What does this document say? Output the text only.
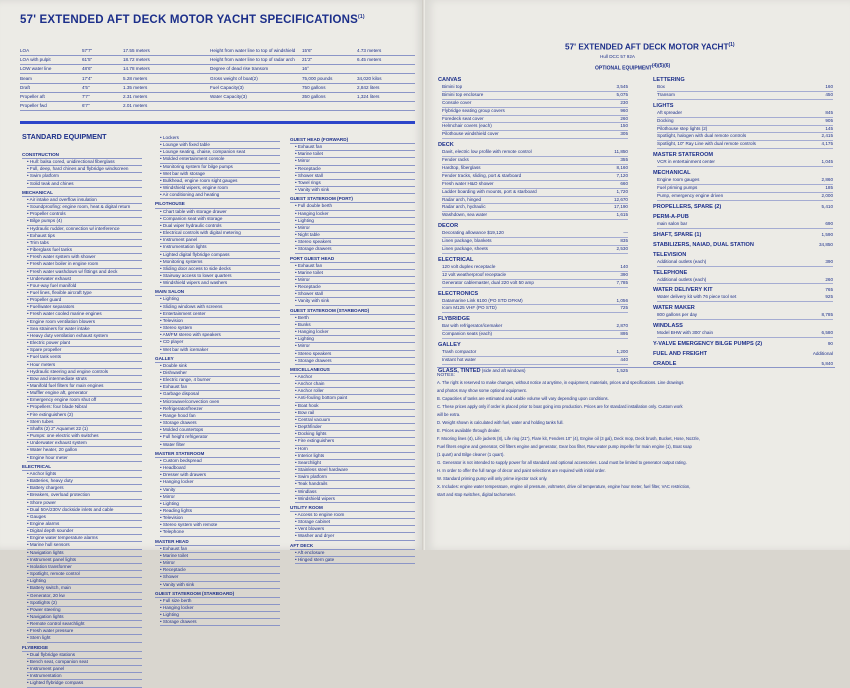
57' EXTENDED AFT DECK MOTOR YACHT SPECIFICATIONS$^{(1)}$
LOA	57'7"	17.55 meters	Height from water line to top of windshield 15'6"	4.73 meters
LOA with pulpit	61'5"	18.72 meters	Height from water line to top of radar arch 21'2"	6.45 meters
LOW water line	48'6"	14.78 meters	Degree of dead rise transom	16°
Beam	17'4"	5.28 meters	Gross weight of boat(2)	75,000 pounds	34,020 kilos
Draft	4'5"	1.35 meters	Fuel Capacity(3)	750 gallons	2,842 liters
Propeller aft	7'7"	2.31 meters	Water Capacity(3)	350 gallons	1,324 liters
Propeller fwd	6'7"	2.01 meters
STANDARD EQUIPMENT
CONSTRUCTION
• Hull: balsa cored, unidirectional fiberglass
• Full, deep, hard chines and flybridge windscreen
• Swim platform
• Solid teak and chines
MECHANICAL
• Air intake and overflow insulation
• Soundproofing: engine room, heat & digital return
• Propeller controls
• Bilge pumps (4)
• Hydraulic rudder, connection w/ interference
• Exhaust tips
• Trim tabs
• Fiberglass fuel tanks
• Fresh water system with shower
• Fresh water boiler in engine room
• Fresh water washdown w/ fittings and deck
• Underwater exhaust
• Four-way fuel manifold
• Fuel lines, flexible aircraft type
• Propeller guard
• Fuel/water separators
• Fresh water cooled marine engines
• Engine room ventilation blowers
• Sea strainers for water intake
• Heavy duty ventilation exhaust system
• Electric power plant
• Spare propeller
• Fuel tank vents
• Hour meters
• Hydraulic steering and engine controls
• Bow and intermediate struts
• Manifold fuel filters for main engines
• Muffler engine aft, generator
• Emergency engine room shut off
• Propellers: four blade Nibral
• Fire extinguishers (2)
• Stern tubes
• Shafts (2) 2" Aquamet 22 (1)
• Pumps: one electric with switches
• Underwater exhaust system
• Water heater, 20 gallon
• Engine hour meter
ELECTRICAL
• Anchor lights
• Batteries, heavy duty
• Battery chargers
• Breakers, overload protection
• Shore power
• Dual 50A/230V dockside inlets and cable
• Gauges
• Engine alarms
• Digital depth sounder
• Engine water temperature alarms
• Marine hull sensors
• Navigation lights
• Instrument panel lights
• Isolation transformer
• Spotlight, remote control
• Lighting
• Battery switch, main
• Generator, 20 kw
• Spotlights (2)
• Power steering
• Navigation lights
• Remote control searchlight
• Fresh water pressure
• Stern light
FLYBRIDGE
• Dual flybridge stations
• Bench seat, companion seat
• Instrument panel
• Instrumentation
• Lighted flybridge compass
• Lockers
• Lounge with fixed table
• Lounge seating, chaise, companion seat
• Molded entertainment console
• Monitoring system for bilge pumps
• Wet bar with storage
• Bulkhead, engine room sight gauges
• Windshield wipers, engine room
• Air conditioning and heating
PILOTHOUSE
• Chart table with storage drawer
• Companion seat with storage
• Dual wiper hydraulic controls
• Electrical controls with digital metering
• Instrument panel
• Instrumentation lights
• Lighted digital flybridge compass
• Monitoring systems
• Sliding door access to side decks
• Stairway access to lower quarters
• Windshield wipers and washers
MAIN SALON
• Lighting
• Sliding windows with screens
• Entertainment center
• Television
• Stereo system
• AM/FM stereo with speakers
• CD player
• Wet bar with icemaker
GALLEY
• Double sink
• Dishwasher
• Electric range, 4 burner
• Exhaust fan
• Garbage disposal
• Microwave/convection oven
• Refrigerator/freezer
• Range hood fan
• Storage drawers
• Molded countertops
• Full height refrigerator
• Water filter
MASTER STATEROOM
• Custom bedspread
• Headboard
• Dresser with drawers
• Hanging locker
• Vanity
• Mirror
• Lighting
• Reading lights
• Television
• Stereo system with remote
• Telephone
MASTER HEAD
• Exhaust fan
• Marine toilet
• Mirror
• Receptacle
• Shower
• Vanity with sink
GUEST STATEROOM (STARBOARD)
• Full size berth
• Hanging locker
• Lighting
• Storage drawers
GUEST HEAD (FORWARD)
• Exhaust fan
• Marine toilet
• Mirror
• Receptacle
• Shower stall
• Towel rings
• Vanity with sink
GUEST STATEROOM (PORT)
• Full double berth
• Hanging locker
• Lighting
• Mirror
• Night table
• Stereo speakers
• Storage drawers
PORT GUEST HEAD
• Exhaust fan
• Marine toilet
• Mirror
• Receptacle
• Shower stall
• Vanity with sink
GUEST STATEROOM (STARBOARD)
• Berth
• Bunks
• Hanging locker
• Lighting
• Mirror
• Stereo speakers
• Storage drawers
MISCELLANEOUS
• Anchor
• Anchor chain
• Anchor roller
• Anti-fouling bottom paint
• Boat hook
• Bow rail
• Central vacuum
• Depthfinder
• Docking lights
• Fire extinguishers
• Horn
• Interior lights
• Searchlight
• Stainless steel hardware
• Swim platform
• Teak handrails
• Windlass
• Windshield wipers
UTILITY ROOM
• Access to engine room
• Storage cabinet
• Vent blowers
• Washer and dryer
AFT DECK
• Aft enclosure
• Hinged stern gate
57' EXTENDED AFT DECK MOTOR YACHT$^{(1)}$
Hull DCC 57 92A
OPTIONAL EQUIPMENT(4)(5)(6)
CANVAS
Bimini top	3,545
Bimini top enclosure	5,075
Console cover	230
Flybridge seating group covers	960
Foredeck seat cover	260
Helmchair covers (each)	150
Pilothouse windshield cover	305
DECK
Davit, electric low profile with remote control	11,850
Fender racks	355
Hardtop, fiberglass	8,160
Fender tracks, sliding, port & starboard	7,120
Fresh water H&O shower	660
Ladder boarding with mounts, port & starboard	1,720
Radar arch, hinged	12,670
Radar arch, hydraulic	17,190
Washdown, sea water	1,615
DECOR
Decorating allowance $19,120	—
Linen package, blankets	835
Linen package, sheets	2,530
ELECTRICAL
120 volt duplex receptacle	140
12 volt weatherproof receptacle	390
Generator cablemaster, dual 220 volt 50 amp	7,785
ELECTRONICS
Datamarine Link 6100 (PO STD DFKM)	1,056
Icom M125 VHF (PO STD)	725
FLYBRIDGE
Bar with refrigerator/icemaker	2,870
Companion seats (each)	895
GALLEY
Trash compactor	1,200
Instant hot water	440
GLASS, TINTED (side and aft windows)	1,525
LETTERING
Box	160
Transom	450
LIGHTS
Aft spreader	845
Docking	905
Pilothouse step lights (2)	145
Spotlight, halogen with dual remote controls	2,415
Spotlight, 10" Ray Line with dual remote controls	4,175
MASTER STATEROOM
VCR in entertainment center	1,045
MECHANICAL
Engine room gauges	2,860
Fuel priming pumps	185
Pump, emergency engine driven	2,000
PROPELLERS, SPARE (2)	5,410
PERM-A-PUB
main salon bar	690
SHAFT, SPARE (1)	1,590
STABILIZERS, NAIAD, DUAL STATION	34,850
TELEVISION
Additional outlets (each)	390
TELEPHONE
Additional outlets (each)	260
WATER DELIVERY KIT	765
Water delivery kit with 76 piece tool set	925
WATER MAKER
800 gallons per day	8,785
WINDLASS
Model BHW with 300' chain	6,580
Y-VALVE EMERGENCY BILGE PUMPS (2)	90
FUEL AND FREIGHT	Additional
CRADLE	5,840
NOTES:
A. The right is reserved to make changes, without notice at anytime, in equipment, materials, prices and specifications. Line drawings
and photos may show some optional equipment.
B. Capacities of tanks are estimated and usable volume will vary depending upon conditions.
C. These prices apply only if order is placed prior to boat going into production. Prices are for standard installation only. Custom work
will be extra.
D. Weight shown is calculated with fuel, water and holding tanks full.
E. Prices available through dealer.
F. Mooring lines (4), Life jackets (8), Life ring (21"), Flare kit, Fenders 10" (4), Engine oil (3 gal), Deck mop, Deck brush, Bucket, Hose, Nozzle,
Fuel filters engine and generator, Oil filters engine and generator, Gear box filter, Raw water pump impeller for main engine (1), Boat soap
(1 quart) and Bilge cleaner (1 quart).
G. Generator is not intended to supply power for all standard and optional accessories. Load must be limited to generator output rating.
H. In order to offer the full range of decor and paint selections are required with initial order.
W. Standard priming pump will only prime injector rack only.
X. Includes: engine water temperature, engine oil pressure, voltmeter, drive oil temperature, engine hour meter, fuel filter, VAC restriction,
start and stop switches, digital tachometer.
